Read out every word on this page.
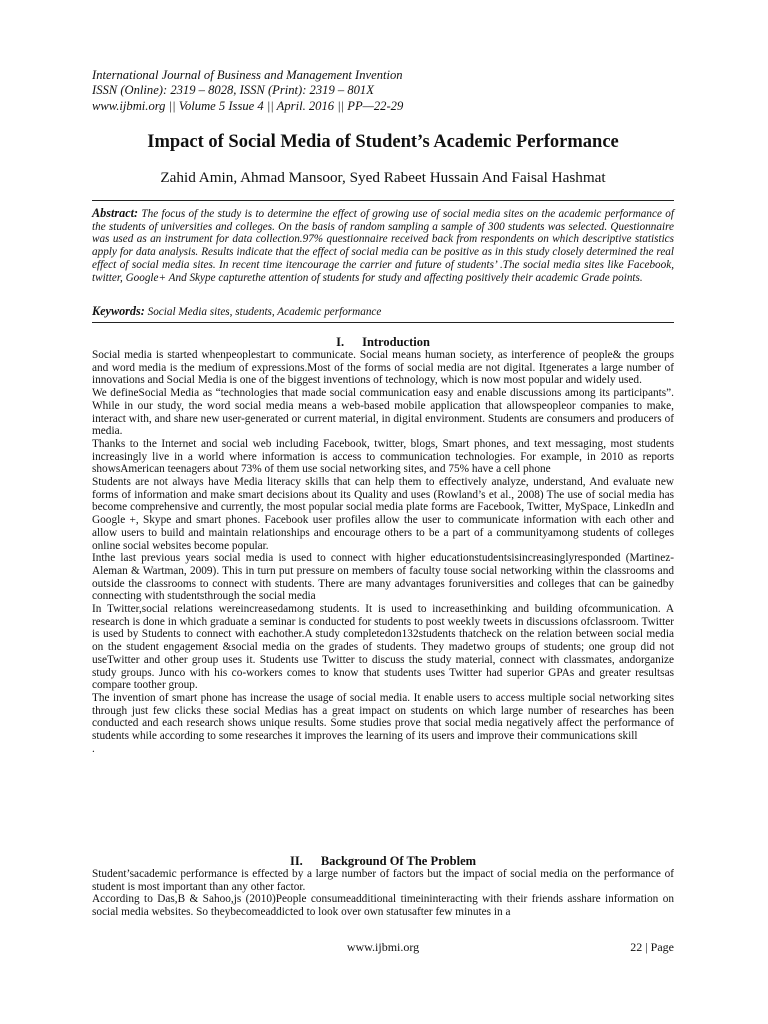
International Journal of Business and Management Invention
ISSN (Online): 2319 – 8028, ISSN (Print): 2319 – 801X
www.ijbmi.org || Volume 5 Issue 4 || April. 2016 || PP—22-29
Impact of Social Media of Student’s Academic Performance
Zahid Amin, Ahmad Mansoor, Syed Rabeet Hussain And Faisal Hashmat
Abstract: The focus of the study is to determine the effect of growing use of social media sites on the academic performance of the students of universities and colleges. On the basis of random sampling a sample of 300 students was selected. Questionnaire was used as an instrument for data collection.97% questionnaire received back from respondents on which descriptive statistics apply for data analysis. Results indicate that the effect of social media can be positive as in this study closely determined the real effect of social media sites. In recent time itencourage the carrier and future of students’ .The social media sites like Facebook, twitter, Google+ And Skype capturethe attention of students for study and affecting positively their academic Grade points.
Keywords: Social Media sites, students, Academic performance
I. Introduction

Social media is started whenpeoplestart to communicate. Social means human society, as interference of people& the groups and word media is the medium of expressions.Most of the forms of social media are not digital. Itgenerates a large number of innovations and Social Media is one of the biggest inventions of technology, which is now most popular and widely used.

We defineSocial Media as “technologies that made social communication easy and enable discussions among its participants”. While in our study, the word social media means a web-based mobile application that allowspeopleor companies to make, interact with, and share new user-generated or current material, in digital environment. Students are consumers and producers of media.

Thanks to the Internet and social web including Facebook, twitter, blogs, Smart phones, and text messaging, most students increasingly live in a world where information is access to communication technologies. For example, in 2010 as reports showsAmerican teenagers about 73% of them use social networking sites, and 75% have a cell phone

Students are not always have Media literacy skills that can help them to effectively analyze, understand, And evaluate new forms of information and make smart decisions about its Quality and uses (Rowland’s et al., 2008) The use of social media has become comprehensive and currently, the most popular social media plate forms are Facebook, Twitter, MySpace, LinkedIn and Google +, Skype and smart phones. Facebook user profiles allow the user to communicate information with each other and allow users to build and maintain relationships and encourage others to be a part of a communityamong students of colleges online social websites become popular.

Inthe last previous years social media is used to connect with higher educationstudentsisincreasinglyresponded (Martinez-Aleman & Wartman, 2009). This in turn put pressure on members of faculty touse social networking within the classrooms and outside the classrooms to connect with students. There are many advantages foruniversities and colleges that can be gainedby connecting with studentsthrough the social media

In Twitter,social relations wereincreasedamong students. It is used to increasethinking and building ofcommunication. A research is done in which graduate a seminar is conducted for students to post weekly tweets in discussions ofclassroom. Twitter is used by Students to connect with eachother.A study completedon132students thatcheck on the relation between social media on the student engagement &social media on the grades of students. They madetwo groups of students; one group did not useTwitter and other group uses it. Students use Twitter to discuss the study material, connect with classmates, andorganize study groups. Junco with his co-workers comes to know that students uses Twitter had superior GPAs and greater resultsas compare toother group.

The invention of smart phone has increase the usage of social media. It enable users to access multiple social networking sites through just few clicks these social Medias has a great impact on students on which large number of researches has been conducted and each research shows unique results. Some studies prove that social media negatively affect the performance of students while according to some researches it improves the learning of its users and improve their communications skill

.

II. Background Of The Problem

Student’sacademic performance is effected by a large number of factors but the impact of social media on the performance of student is most important than any other factor.

According to Das,B & Sahoo,js (2010)People consumeadditional timeininteracting with their friends asshare information on social media websites. So theybecomeaddicted to look over own statusafter few minutes in a

www.ijbmi.org	22 | Page
